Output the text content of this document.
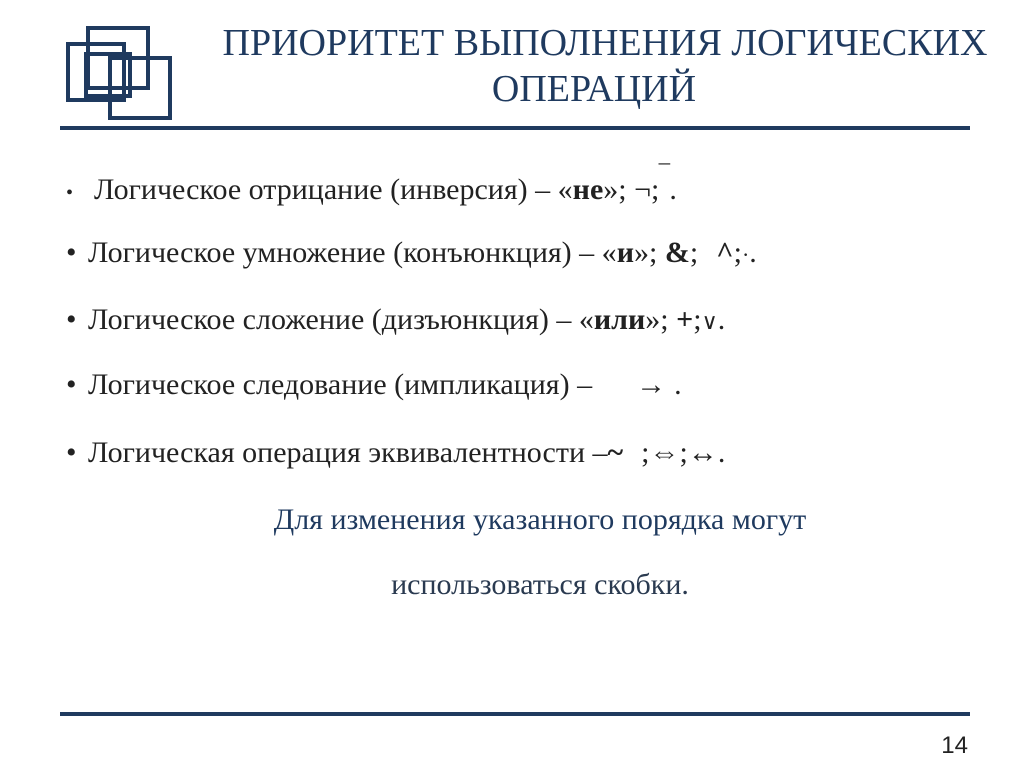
ПРИОРИТЕТ ВЫПОЛНЕНИЯ ЛОГИЧЕСКИХ
ОПЕРАЦИЙ
• Логическое отрицание (инверсия) – «не»; ¬;‾.
• Логическое умножение (конъюнкция) – «и»; &; ^;·.
• Логическое сложение (дизъюнкция) – «или»; +;∨.
• Логическое следование (импликация) – →.
• Логическая операция эквивалентности –~;⇔;↔.
Для изменения указанного порядка могут
использоваться скобки.
14
